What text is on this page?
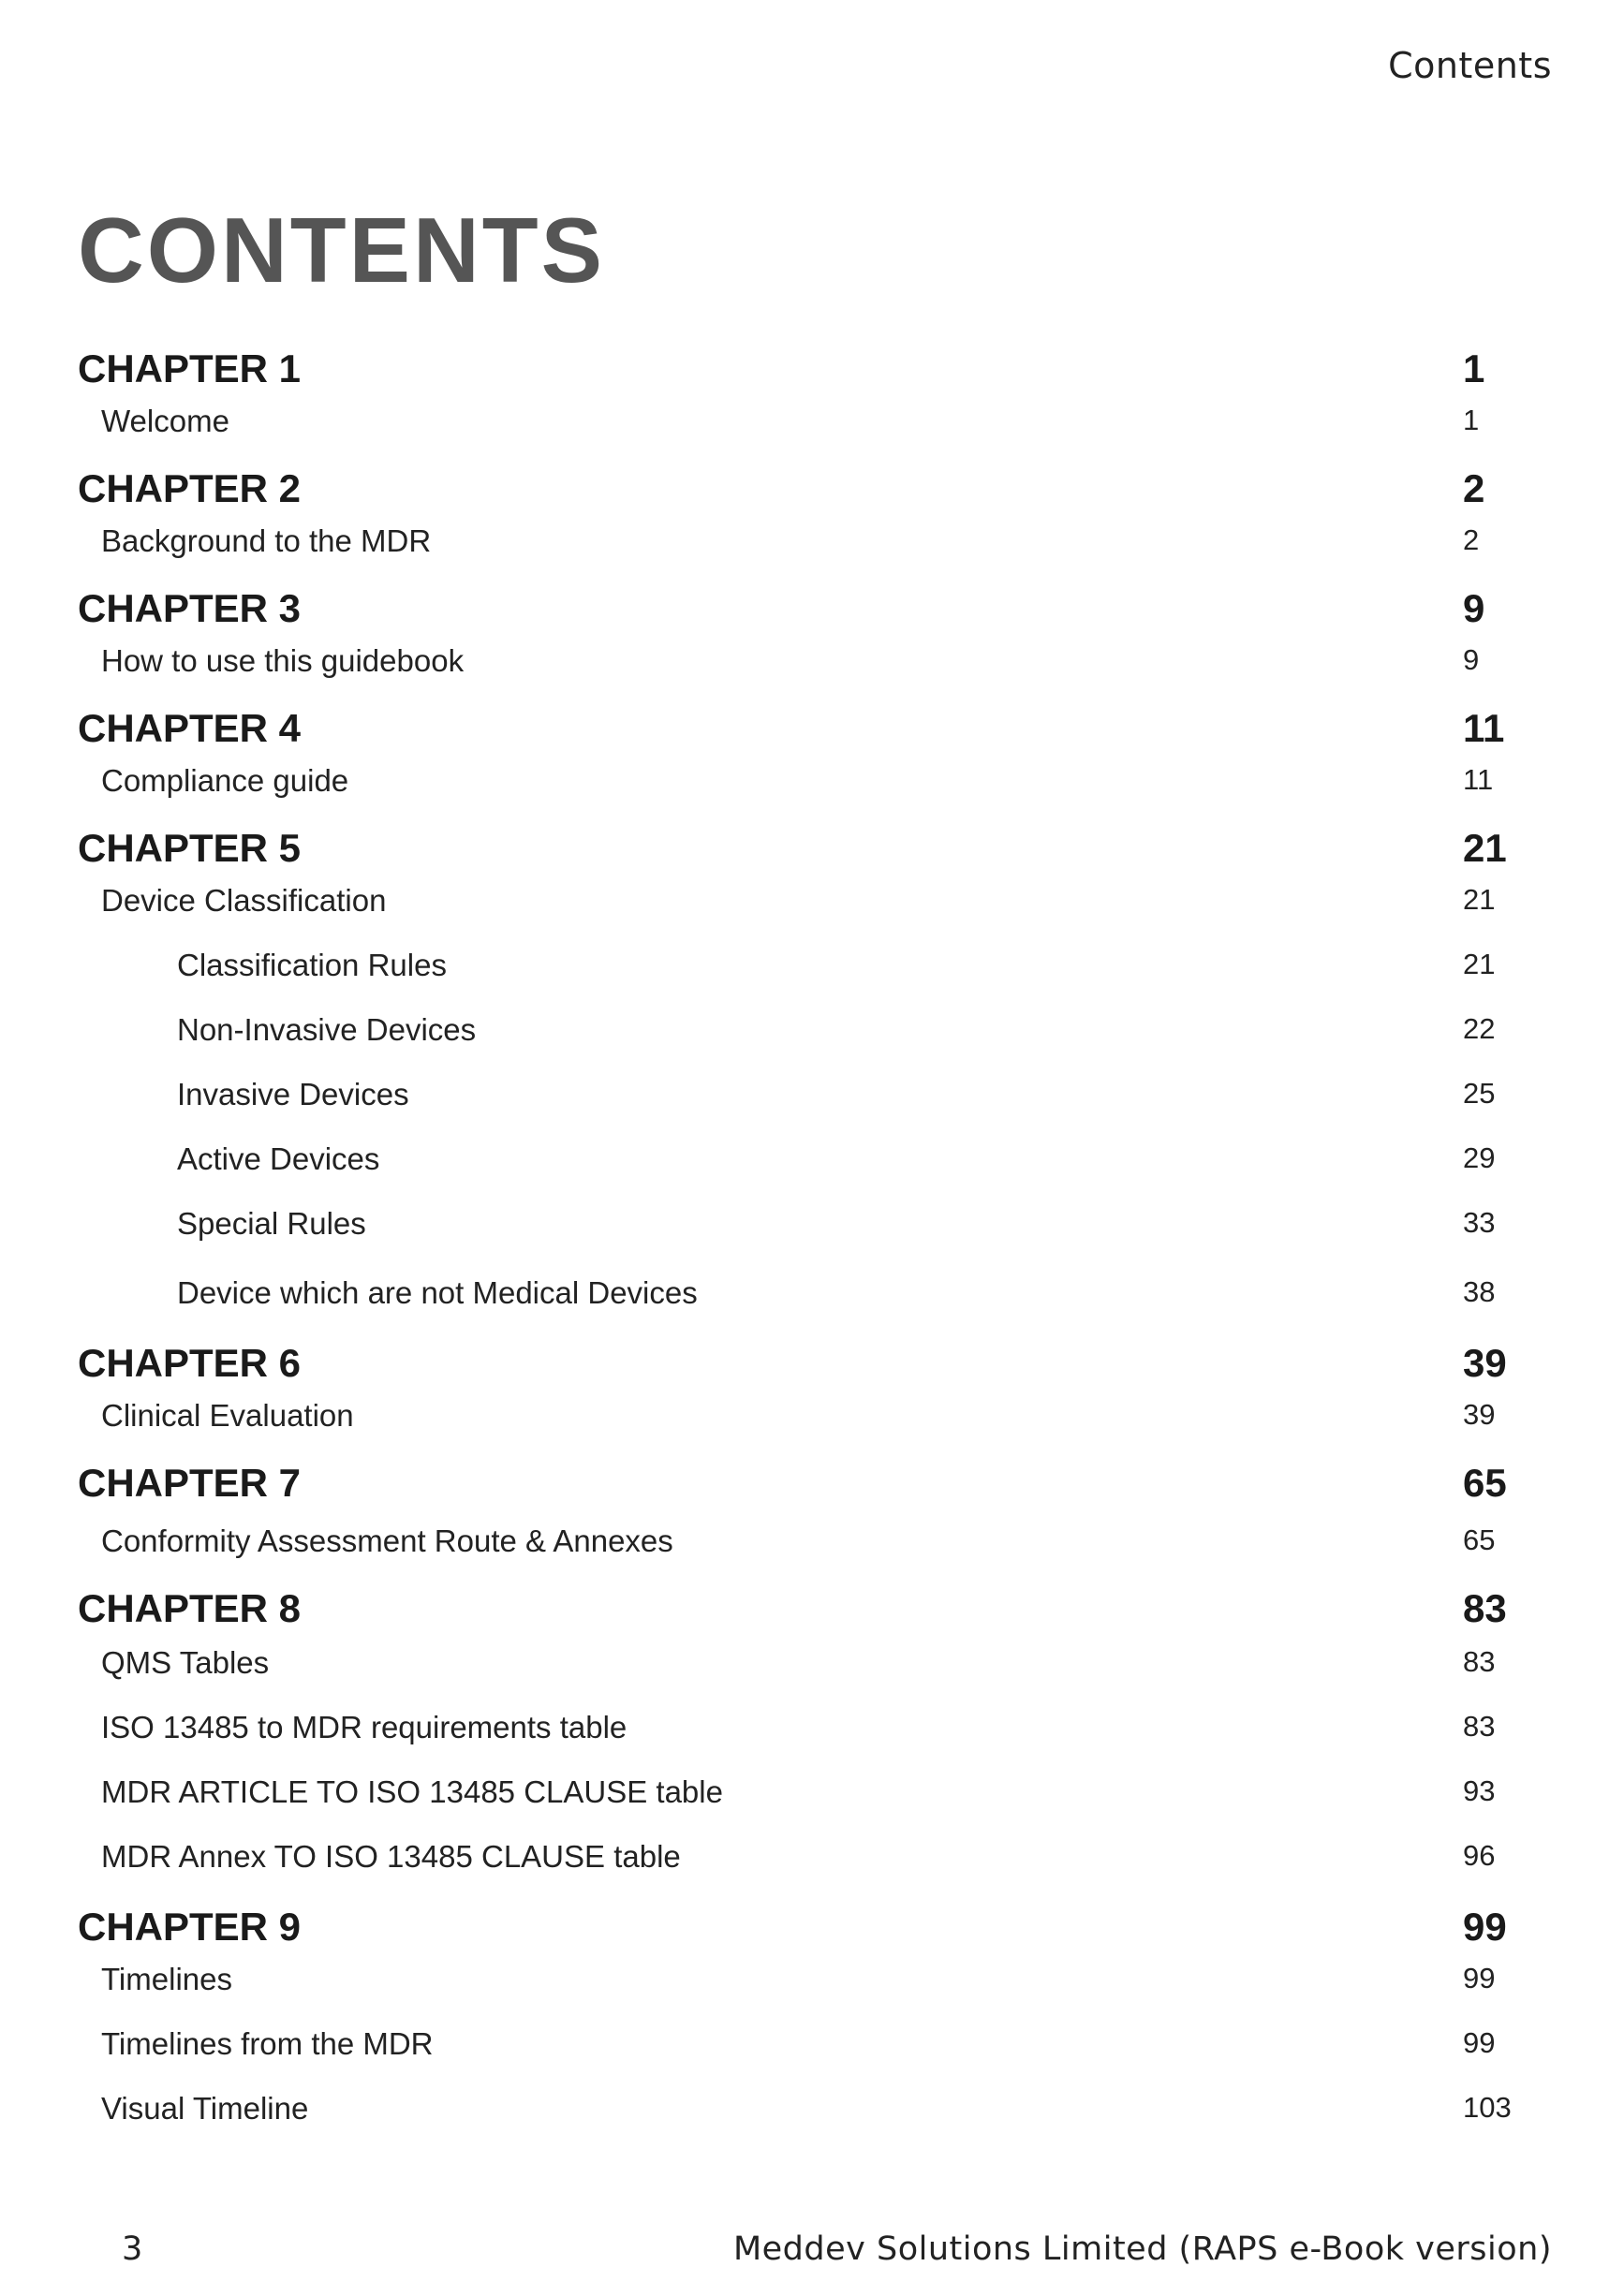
Contents
CONTENTS
CHAPTER 1	1
Welcome	1
CHAPTER 2	2
Background to the MDR	2
CHAPTER 3	9
How to use this guidebook	9
CHAPTER 4	11
Compliance guide	11
CHAPTER 5	21
Device Classification	21
Classification Rules	21
Non-Invasive Devices	22
Invasive Devices	25
Active Devices	29
Special Rules	33
Device which are not Medical Devices	38
CHAPTER 6	39
Clinical Evaluation	39
CHAPTER 7	65
Conformity Assessment Route & Annexes	65
CHAPTER 8	83
QMS Tables	83
ISO 13485 to MDR requirements table	83
MDR ARTICLE TO ISO 13485 CLAUSE table	93
MDR Annex TO ISO 13485 CLAUSE table	96
CHAPTER 9	99
Timelines	99
Timelines from the MDR	99
Visual Timeline	103
3	Meddev Solutions Limited (RAPS e-Book version)
